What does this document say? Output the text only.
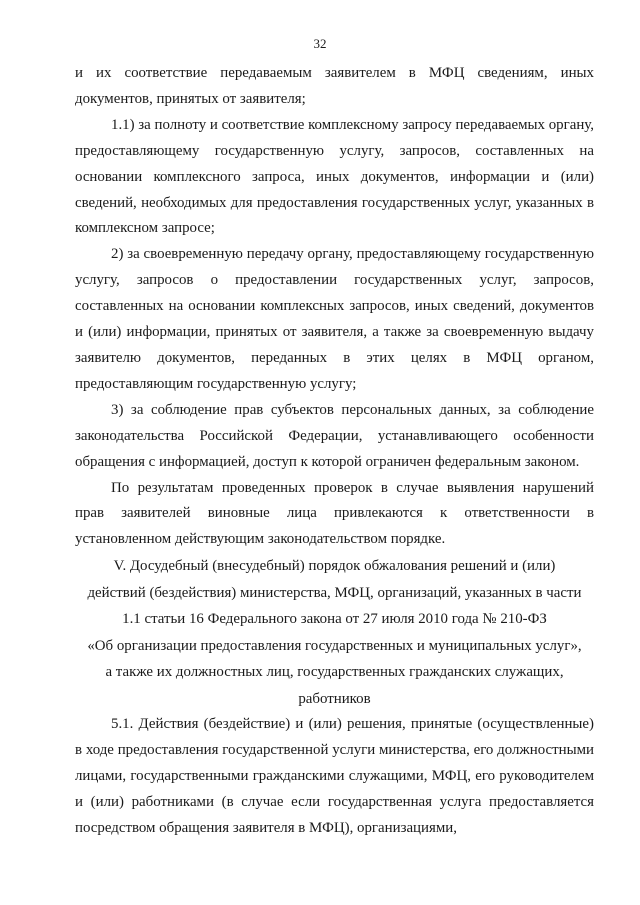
32

и их соответствие передаваемым заявителем в МФЦ сведениям, иных документов, принятых от заявителя;

1.1) за полноту и соответствие комплексному запросу передаваемых органу, предоставляющему государственную услугу, запросов, составленных на основании комплексного запроса, иных документов, информации и (или) сведений, необходимых для предоставления государственных услуг, указанных в комплексном запросе;

2) за своевременную передачу органу, предоставляющему государственную услугу, запросов о предоставлении государственных услуг, запросов, составленных на основании комплексных запросов, иных сведений, документов и (или) информации, принятых от заявителя, а также за своевременную выдачу заявителю документов, переданных в этих целях в МФЦ органом, предоставляющим государственную услугу;

3) за соблюдение прав субъектов персональных данных, за соблюдение законодательства Российской Федерации, устанавливающего особенности обращения с информацией, доступ к которой ограничен федеральным законом.

По результатам проведенных проверок в случае выявления нарушений прав заявителей виновные лица привлекаются к ответственности в установленном действующим законодательством порядке.

V. Досудебный (внесудебный) порядок обжалования решений и (или)

действий (бездействия) министерства, МФЦ, организаций, указанных в части

1.1 статьи 16 Федерального закона от 27 июля 2010 года № 210-ФЗ

«Об организации предоставления государственных и муниципальных услуг»,

а также их должностных лиц, государственных гражданских служащих,

работников

5.1. Действия (бездействие) и (или) решения, принятые (осуществленные) в ходе предоставления государственной услуги министерства, его должностными лицами, государственными гражданскими служащими, МФЦ, его руководителем и (или) работниками (в случае если государственная услуга предоставляется посредством обращения заявителя в МФЦ), организациями,
